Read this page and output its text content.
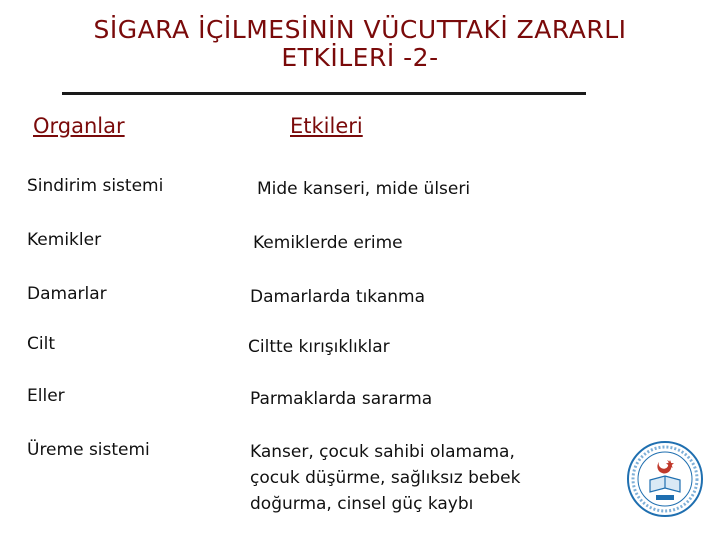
SİGARA İÇİLMESİNİN VÜCUTTAKİ ZARARLI
ETKİLERİ -2-
Organlar	Etkileri
Sindirim sistemi	Mide kanseri, mide ülseri
Kemikler	Kemiklerde erime
Damarlar	Damarlarda tıkanma
Cilt	Ciltte kırışıklıklar
Eller	Parmaklarda sararma
Üreme sistemi	Kanser, çocuk sahibi olamama,
çocuk düşürme, sağlıksız bebek
doğurma, cinsel güç kaybı
